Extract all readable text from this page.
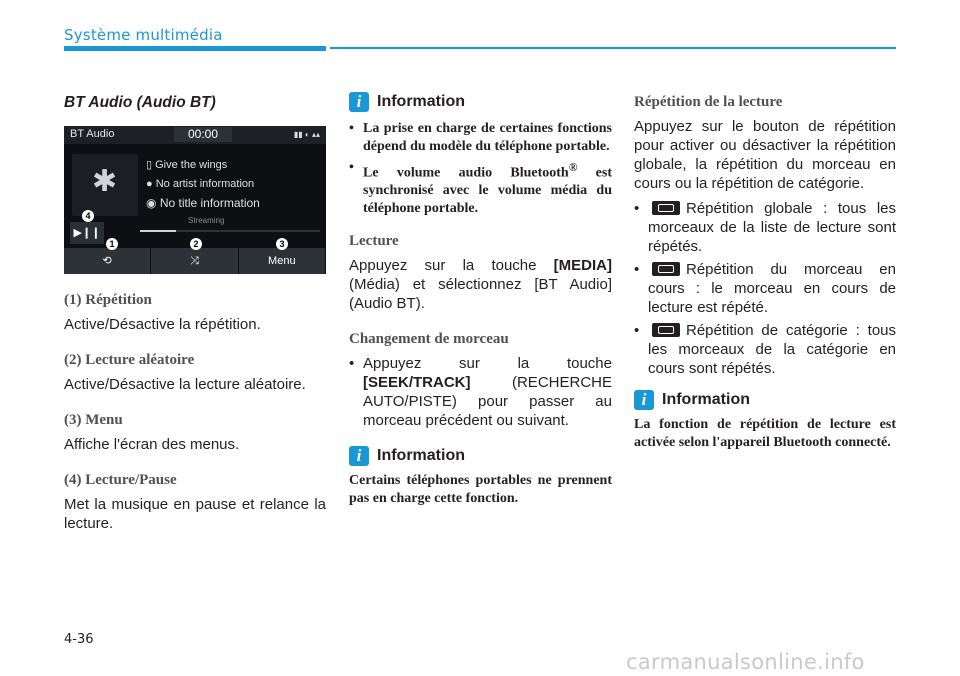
Système multimédia
BT Audio (Audio BT)
BT Audio	00:00	▮▮ ◐ ▴▴
✱	▯ Give the wings
● No artist information
◉ No title information
Streaming
▶❙❙
⟲	⤨	Menu
1	2	3
4
(1) Répétition
Active/Désactive la répétition.
(2) Lecture aléatoire
Active/Désactive la lecture aléatoire.
(3) Menu
Affiche l'écran des menus.
(4) Lecture/Pause
Met la musique en pause et relance la lecture.
i Information
• La prise en charge de certaines fonctions dépend du modèle du téléphone portable.
• Le volume audio Bluetooth® est synchronisé avec le volume média du téléphone portable.
Lecture
Appuyez sur la touche [MEDIA] (Média) et sélectionnez [BT Audio] (Audio BT).
Changement de morceau
• Appuyez sur la touche [SEEK/TRACK] (RECHERCHE AUTO/PISTE) pour passer au morceau précédent ou suivant.
i Information
Certains téléphones portables ne prennent pas en charge cette fonction.
Répétition de la lecture
Appuyez sur le bouton de répétition pour activer ou désactiver la répétition globale, la répétition du morceau en cours ou la répétition de catégorie.
• Répétition globale : tous les morceaux de la liste de lecture sont répétés.
• Répétition du morceau en cours : le morceau en cours de lecture est répété.
• Répétition de catégorie : tous les morceaux de la catégorie en cours sont répétés.
i Information
La fonction de répétition de lecture est activée selon l'appareil Bluetooth connecté.
4-36
carmanualsonline.info
